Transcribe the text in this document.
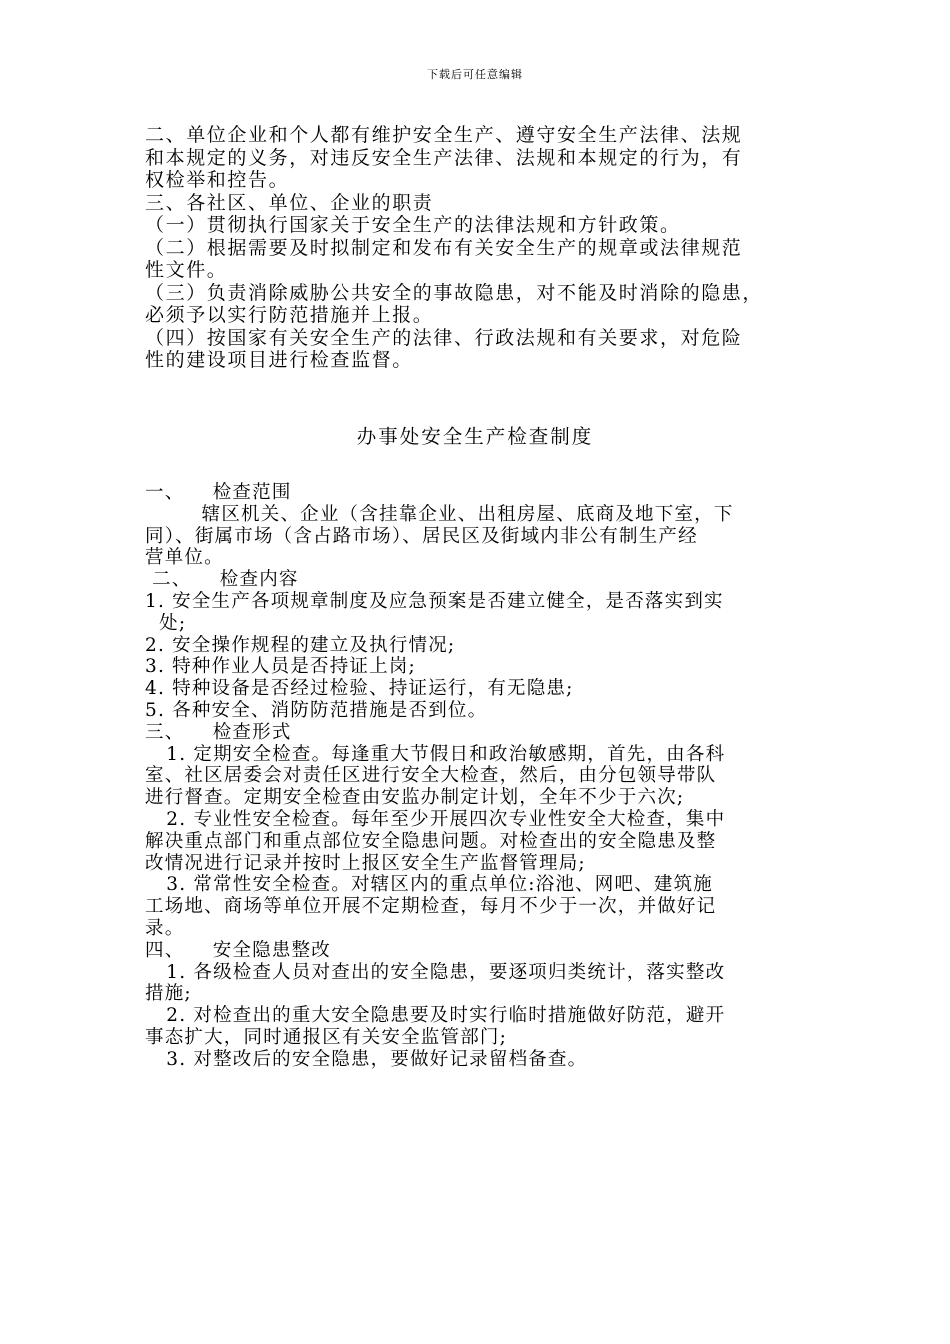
下载后可任意编辑
二、单位企业和个人都有维护安全生产、遵守安全生产法律、法规
和本规定的义务，对违反安全生产法律、法规和本规定的行为，有
权检举和控告。
三、各社区、单位、企业的职责
（一）贯彻执行国家关于安全生产的法律法规和方针政策。
（二）根据需要及时拟制定和发布有关安全生产的规章或法律规范
性文件。
（三）负责消除威胁公共安全的事故隐患，对不能及时消除的隐患，
必须予以实行防范措施并上报。
（四）按国家有关安全生产的法律、行政法规和有关要求，对危险
性的建设项目进行检查监督。
办事处安全生产检查制度
一、    检查范围
辖区机关、企业（含挂靠企业、出租房屋、底商及地下室，下
同）、街属市场（含占路市场）、居民区及街域内非公有制生产经
营单位。
二、    检查内容
1. 安全生产各项规章制度及应急预案是否建立健全，是否落实到实
处;
2. 安全操作规程的建立及执行情况;
3. 特种作业人员是否持证上岗;
4. 特种设备是否经过检验、持证运行，有无隐患;
5. 各种安全、消防防范措施是否到位。
三、    检查形式
1. 定期安全检查。每逢重大节假日和政治敏感期，首先，由各科
室、社区居委会对责任区进行安全大检查，然后，由分包领导带队
进行督查。定期安全检查由安监办制定计划，全年不少于六次;
2. 专业性安全检查。每年至少开展四次专业性安全大检查，集中
解决重点部门和重点部位安全隐患问题。对检查出的安全隐患及整
改情况进行记录并按时上报区安全生产监督管理局;
3. 常常性安全检查。对辖区内的重点单位:浴池、网吧、建筑施
工场地、商场等单位开展不定期检查，每月不少于一次，并做好记
录。
四、    安全隐患整改
1. 各级检查人员对查出的安全隐患，要逐项归类统计，落实整改
措施;
2. 对检查出的重大安全隐患要及时实行临时措施做好防范，避开
事态扩大，同时通报区有关安全监管部门;
3. 对整改后的安全隐患，要做好记录留档备查。
